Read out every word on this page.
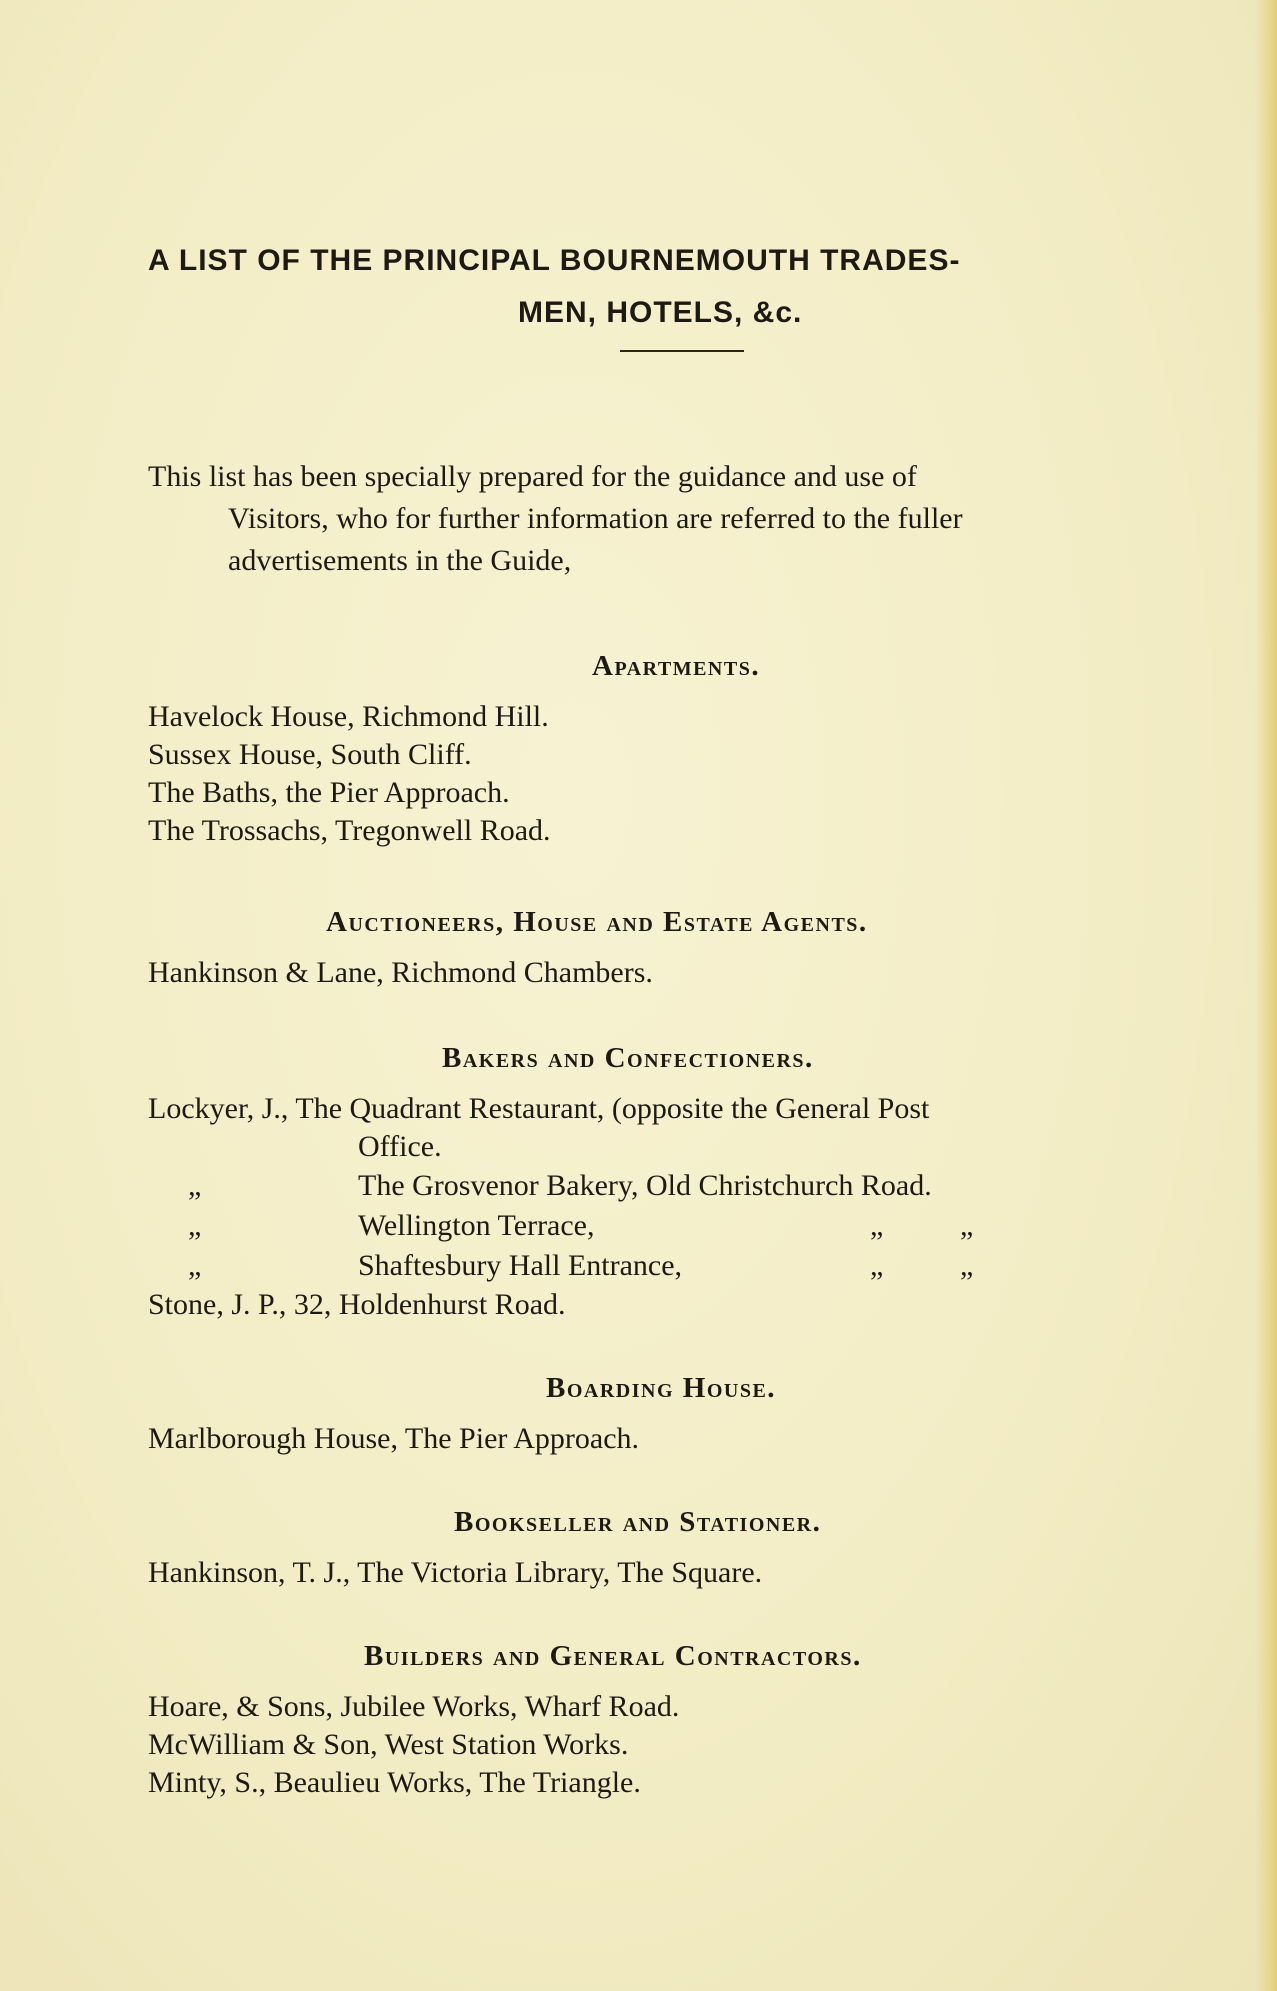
A LIST OF THE PRINCIPAL BOURNEMOUTH TRADES-
MEN, HOTELS, &c.

This list has been specially prepared for the guidance and use of
Visitors, who for further information are referred to the fuller
advertisements in the Guide,

Apartments.

Havelock House, Richmond Hill.

Sussex House, South Cliff.

The Baths, the Pier Approach.

The Trossachs, Tregonwell Road.

Auctioneers, House and Estate Agents.

Hankinson & Lane, Richmond Chambers.

Bakers and Confectioners.

Lockyer, J., The Quadrant Restaurant, (opposite the General Post
Office.

„	The Grosvenor Bakery, Old Christchurch Road.
„	Wellington Terrace,	„	„
„	Shaftesbury Hall Entrance,	„	„

Stone, J. P., 32, Holdenhurst Road.

Boarding House.

Marlborough House, The Pier Approach.

Bookseller and Stationer.

Hankinson, T. J., The Victoria Library, The Square.

Builders and General Contractors.

Hoare, & Sons, Jubilee Works, Wharf Road.

McWilliam & Son, West Station Works.

Minty, S., Beaulieu Works, The Triangle.
